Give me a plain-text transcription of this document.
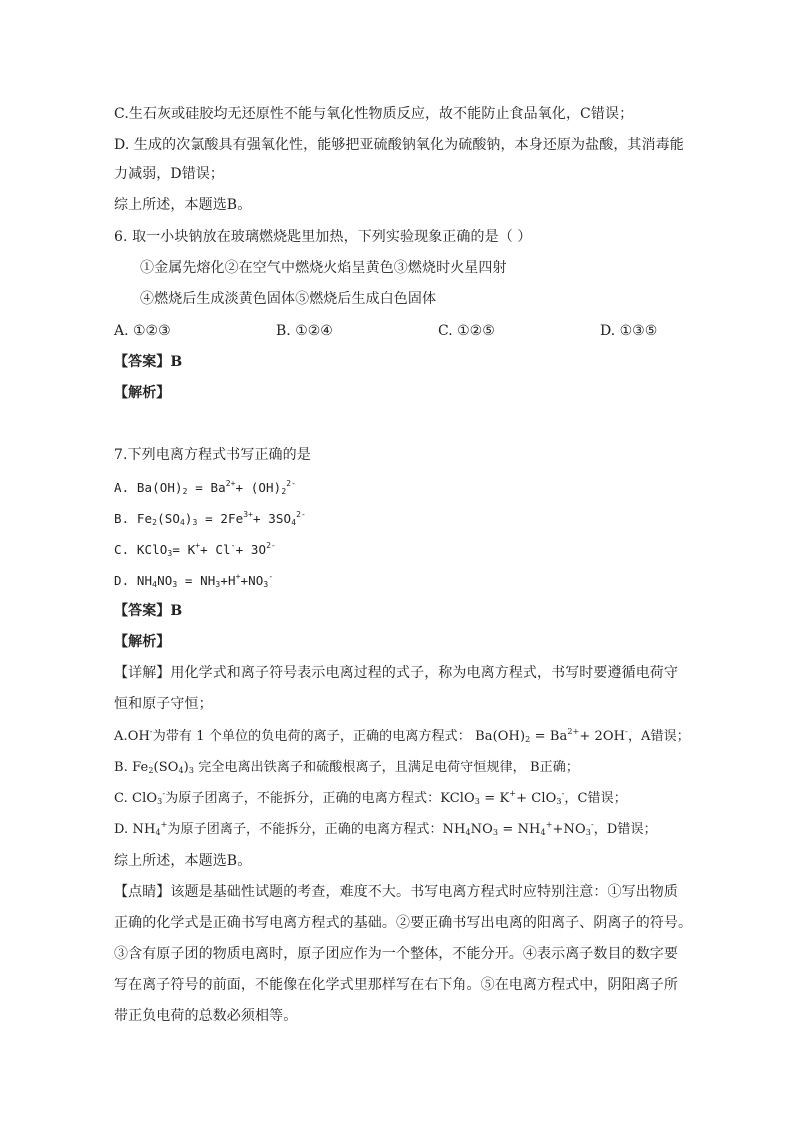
C.生石灰或硅胶均无还原性不能与氧化性物质反应，故不能防止食品氧化，C错误；
D. 生成的次氯酸具有强氧化性，能够把亚硫酸钠氧化为硫酸钠，本身还原为盐酸，其消毒能
力减弱，D错误；
综上所述，本题选B。
6. 取一小块钠放在玻璃燃烧匙里加热，下列实验现象正确的是（ ）
①金属先熔化②在空气中燃烧火焰呈黄色③燃烧时火星四射
④燃烧后生成淡黄色固体⑤燃烧后生成白色固体
A. ①②③	B. ①②④	C. ①②⑤	D. ①③⑤
【答案】B
【解析】
7.下列电离方程式书写正确的是
A. $Ba(OH)_2 = Ba^{2+}+ (OH)_2^{2-}$
B. $Fe_2(SO_4)_3 = 2Fe^{3+}+ 3SO_4^{2-}$
C. KClO$_3$= $K^++ Cl^-+ 3O^{2-}$
D. $NH_4NO_3 = NH_3+H^++NO_3^-$
【答案】B
【解析】
【详解】用化学式和离子符号表示电离过程的式子，称为电离方程式，书写时要遵循电荷守
恒和原子守恒；
A.OH-为带有 1 个单位的负电荷的离子，正确的电离方程式： $Ba(OH)_2 = Ba^{2+}+ 2OH^-$，A错误；
B. $Fe_2(SO_4)_3$ 完全电离出铁离子和硫酸根离子，且满足电荷守恒规律， B正确；
C. ClO$_3$-为原子团离子，不能拆分，正确的电离方程式：KClO$_3$ = K++ ClO$_3$-，C错误；
D. $NH_4^+$为原子团离子，不能拆分，正确的电离方程式：$NH_4NO_3 = NH_4^++NO_3^-$，D错误；
综上所述，本题选B。
【点睛】该题是基础性试题的考查，难度不大。书写电离方程式时应特别注意：①写出物质
正确的化学式是正确书写电离方程式的基础。②要正确书写出电离的阳离子、阴离子的符号。
③含有原子团的物质电离时，原子团应作为一个整体，不能分开。④表示离子数目的数字要
写在离子符号的前面，不能像在化学式里那样写在右下角。⑤在电离方程式中，阴阳离子所
带正负电荷的总数必须相等。
